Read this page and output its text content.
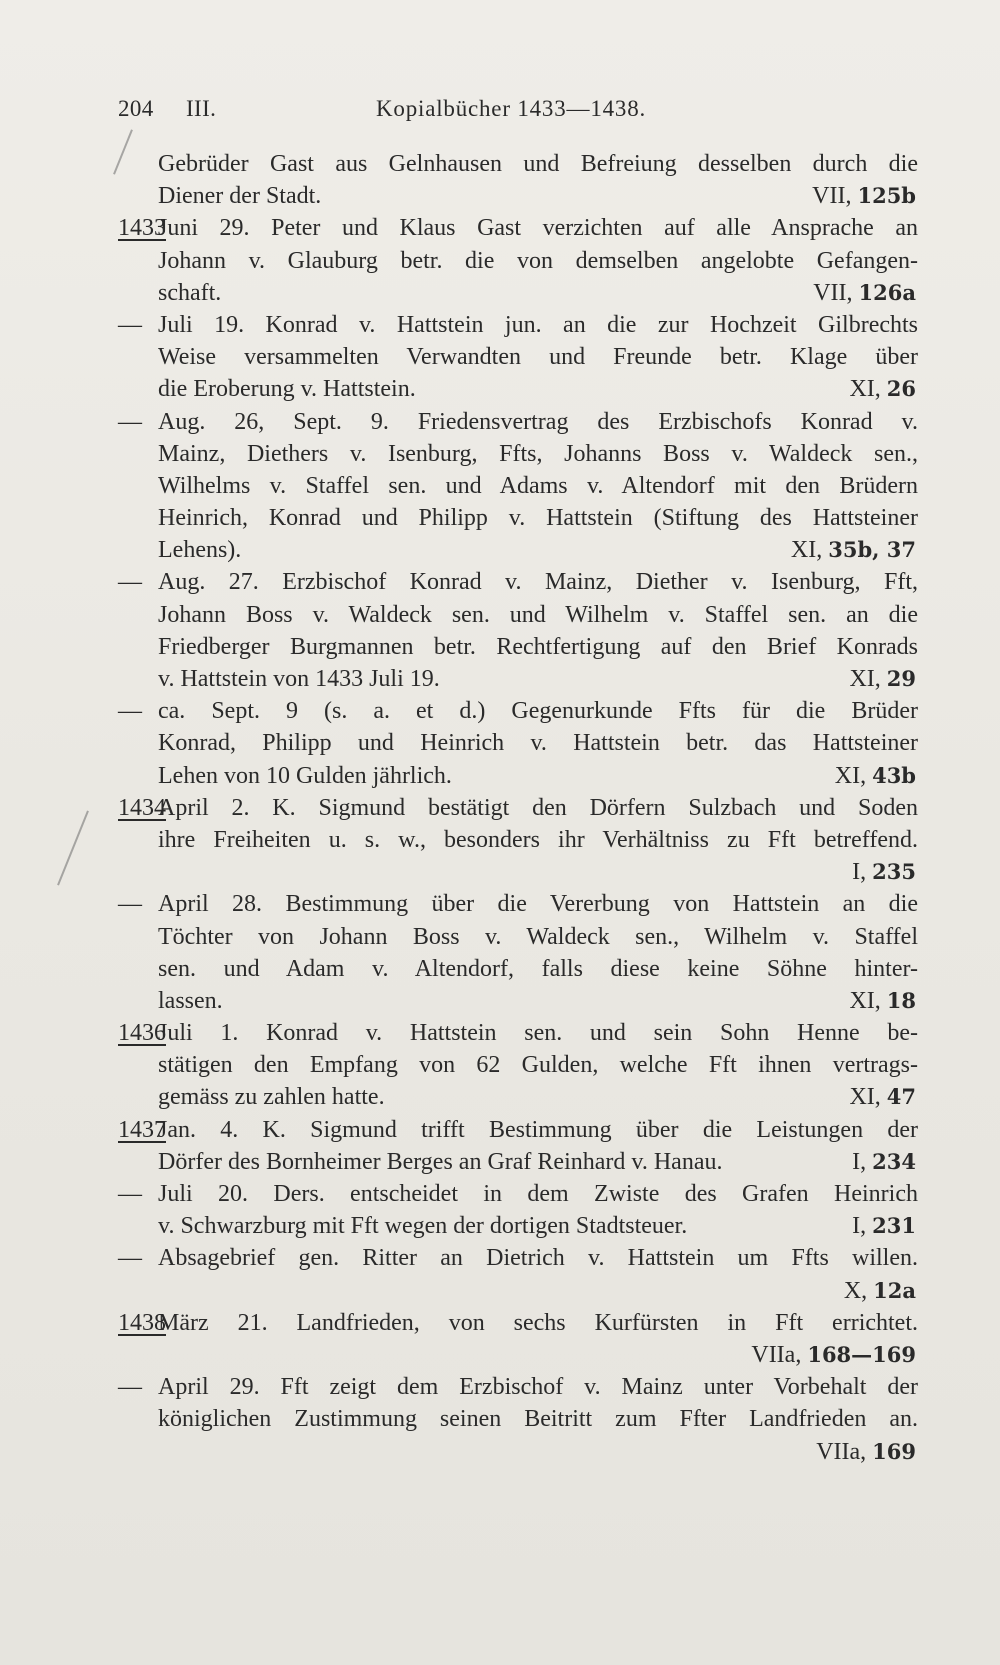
204 III.	Kopialbücher 1433—1438.
Gebrüder Gast aus Gelnhausen und Befreiung desselben durch die
Diener der Stadt.	VII, 125b
1433
Juni 29. Peter und Klaus Gast verzichten auf alle Ansprache an
Johann v. Glauburg betr. die von demselben angelobte Gefangen-
schaft.	VII, 126a
— Juli 19. Konrad v. Hattstein jun. an die zur Hochzeit Gilbrechts
Weise versammelten Verwandten und Freunde betr. Klage über
die Eroberung v. Hattstein.	XI, 26
— Aug. 26, Sept. 9. Friedensvertrag des Erzbischofs Konrad v.
Mainz, Diethers v. Isenburg, Ffts, Johanns Boss v. Waldeck sen.,
Wilhelms v. Staffel sen. und Adams v. Altendorf mit den Brüdern
Heinrich, Konrad und Philipp v. Hattstein (Stiftung des Hattsteiner
Lehens).	XI, 35b, 37
— Aug. 27. Erzbischof Konrad v. Mainz, Diether v. Isenburg, Fft,
Johann Boss v. Waldeck sen. und Wilhelm v. Staffel sen. an die
Friedberger Burgmannen betr. Rechtfertigung auf den Brief Konrads
v. Hattstein von 1433 Juli 19.	XI, 29
— ca. Sept. 9 (s. a. et d.) Gegenurkunde Ffts für die Brüder
Konrad, Philipp und Heinrich v. Hattstein betr. das Hattsteiner
Lehen von 10 Gulden jährlich.	XI, 43b
1434
April 2. K. Sigmund bestätigt den Dörfern Sulzbach und Soden
ihre Freiheiten u. s. w., besonders ihr Verhältniss zu Fft betreffend.
I, 235
— April 28. Bestimmung über die Vererbung von Hattstein an die
Töchter von Johann Boss v. Waldeck sen., Wilhelm v. Staffel
sen. und Adam v. Altendorf, falls diese keine Söhne hinter-
lassen.	XI, 18
1436
Juli 1. Konrad v. Hattstein sen. und sein Sohn Henne be-
stätigen den Empfang von 62 Gulden, welche Fft ihnen vertrags-
gemäss zu zahlen hatte.	XI, 47
1437
Jan. 4. K. Sigmund trifft Bestimmung über die Leistungen der
Dörfer des Bornheimer Berges an Graf Reinhard v. Hanau.	I, 234
— Juli 20. Ders. entscheidet in dem Zwiste des Grafen Heinrich
v. Schwarzburg mit Fft wegen der dortigen Stadtsteuer.	I, 231
— Absagebrief gen. Ritter an Dietrich v. Hattstein um Ffts willen.
X, 12a
1438
März 21. Landfrieden, von sechs Kurfürsten in Fft errichtet.
VIIa, 168—169
— April 29. Fft zeigt dem Erzbischof v. Mainz unter Vorbehalt der
königlichen Zustimmung seinen Beitritt zum Ffter Landfrieden an.
VIIa, 169
